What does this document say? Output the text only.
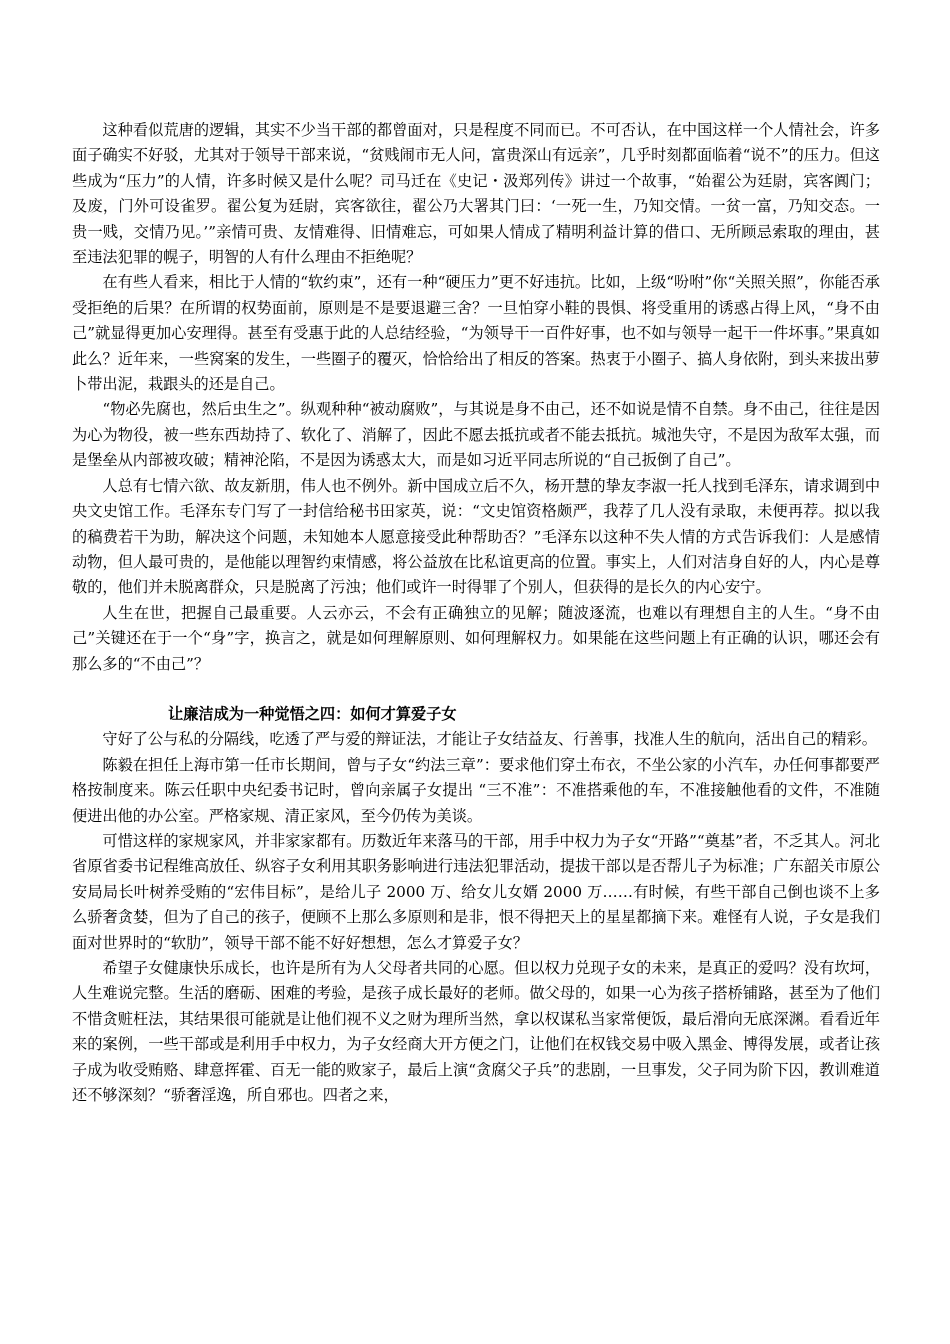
这种看似荒唐的逻辑，其实不少当干部的都曾面对，只是程度不同而已。不可否认，在中国这样一个人情社会，许多面子确实不好驳，尤其对于领导干部来说，“贫贱闹市无人问，富贵深山有远亲”，几乎时刻都面临着“说不”的压力。但这些成为“压力”的人情，许多时候又是什么呢？司马迁在《史记・汲郑列传》讲过一个故事，“始翟公为廷尉，宾客阗门；及废，门外可设雀罗。翟公复为廷尉，宾客欲往，翟公乃大署其门曰：‘一死一生，乃知交情。一贫一富，乃知交态。一贵一贱，交情乃见。’”亲情可贵、友情难得、旧情难忘，可如果人情成了精明利益计算的借口、无所顾忌索取的理由，甚至违法犯罪的幌子，明智的人有什么理由不拒绝呢？

在有些人看来，相比于人情的“软约束”，还有一种“硬压力”更不好违抗。比如，上级“吩咐”你“关照关照”，你能否承受拒绝的后果？在所谓的权势面前，原则是不是要退避三舍？一旦怕穿小鞋的畏惧、将受重用的诱惑占得上风，“身不由己”就显得更加心安理得。甚至有受惠于此的人总结经验，“为领导干一百件好事，也不如与领导一起干一件坏事。”果真如此么？近年来，一些窝案的发生，一些圈子的覆灭，恰恰给出了相反的答案。热衷于小圈子、搞人身依附，到头来拔出萝卜带出泥，栽跟头的还是自己。

“物必先腐也，然后虫生之”。纵观种种“被动腐败”，与其说是身不由己，还不如说是情不自禁。身不由己，往往是因为心为物役，被一些东西劫持了、软化了、消解了，因此不愿去抵抗或者不能去抵抗。城池失守，不是因为敌军太强，而是堡垒从内部被攻破；精神沦陷，不是因为诱惑太大，而是如习近平同志所说的“自己扳倒了自己”。

人总有七情六欲、故友新朋，伟人也不例外。新中国成立后不久，杨开慧的挚友李淑一托人找到毛泽东，请求调到中央文史馆工作。毛泽东专门写了一封信给秘书田家英，说：“文史馆资格颇严，我荐了几人没有录取，未便再荐。拟以我的稿费若干为助，解决这个问题，未知她本人愿意接受此种帮助否？”毛泽东以这种不失人情的方式告诉我们：人是感情动物，但人最可贵的，是他能以理智约束情感，将公益放在比私谊更高的位置。事实上，人们对洁身自好的人，内心是尊敬的，他们并未脱离群众，只是脱离了污浊；他们或许一时得罪了个别人，但获得的是长久的内心安宁。

人生在世，把握自己最重要。人云亦云，不会有正确独立的见解；随波逐流，也难以有理想自主的人生。“身不由己”关键还在于一个“身”字，换言之，就是如何理解原则、如何理解权力。如果能在这些问题上有正确的认识，哪还会有那么多的“不由己”？

让廉洁成为一种觉悟之四：如何才算爱子女

守好了公与私的分隔线，吃透了严与爱的辩证法，才能让子女结益友、行善事，找准人生的航向，活出自己的精彩。

陈毅在担任上海市第一任市长期间，曾与子女“约法三章”：要求他们穿土布衣，不坐公家的小汽车，办任何事都要严格按制度来。陈云任职中央纪委书记时，曾向亲属子女提出 “三不准”：不准搭乘他的车，不准接触他看的文件，不准随便进出他的办公室。严格家规、清正家风，至今仍传为美谈。

可惜这样的家规家风，并非家家都有。历数近年来落马的干部，用手中权力为子女“开路”“奠基”者，不乏其人。河北省原省委书记程维高放任、纵容子女利用其职务影响进行违法犯罪活动，提拔干部以是否帮儿子为标准；广东韶关市原公安局局长叶树养受贿的“宏伟目标”，是给儿子 2000 万、给女儿女婿 2000 万……有时候，有些干部自己倒也谈不上多么骄奢贪婪，但为了自己的孩子，便顾不上那么多原则和是非，恨不得把天上的星星都摘下来。难怪有人说，子女是我们面对世界时的“软肋”，领导干部不能不好好想想，怎么才算爱子女？

希望子女健康快乐成长，也许是所有为人父母者共同的心愿。但以权力兑现子女的未来，是真正的爱吗？没有坎坷，人生难说完整。生活的磨砺、困难的考验，是孩子成长最好的老师。做父母的，如果一心为孩子搭桥铺路，甚至为了他们不惜贪赃枉法，其结果很可能就是让他们视不义之财为理所当然，拿以权谋私当家常便饭，最后滑向无底深渊。看看近年来的案例，一些干部或是利用手中权力，为子女经商大开方便之门，让他们在权钱交易中吸入黑金、博得发展，或者让孩子成为收受贿赂、肆意挥霍、百无一能的败家子，最后上演“贪腐父子兵”的悲剧，一旦事发，父子同为阶下囚，教训难道还不够深刻？“骄奢淫逸，所自邪也。四者之来，
